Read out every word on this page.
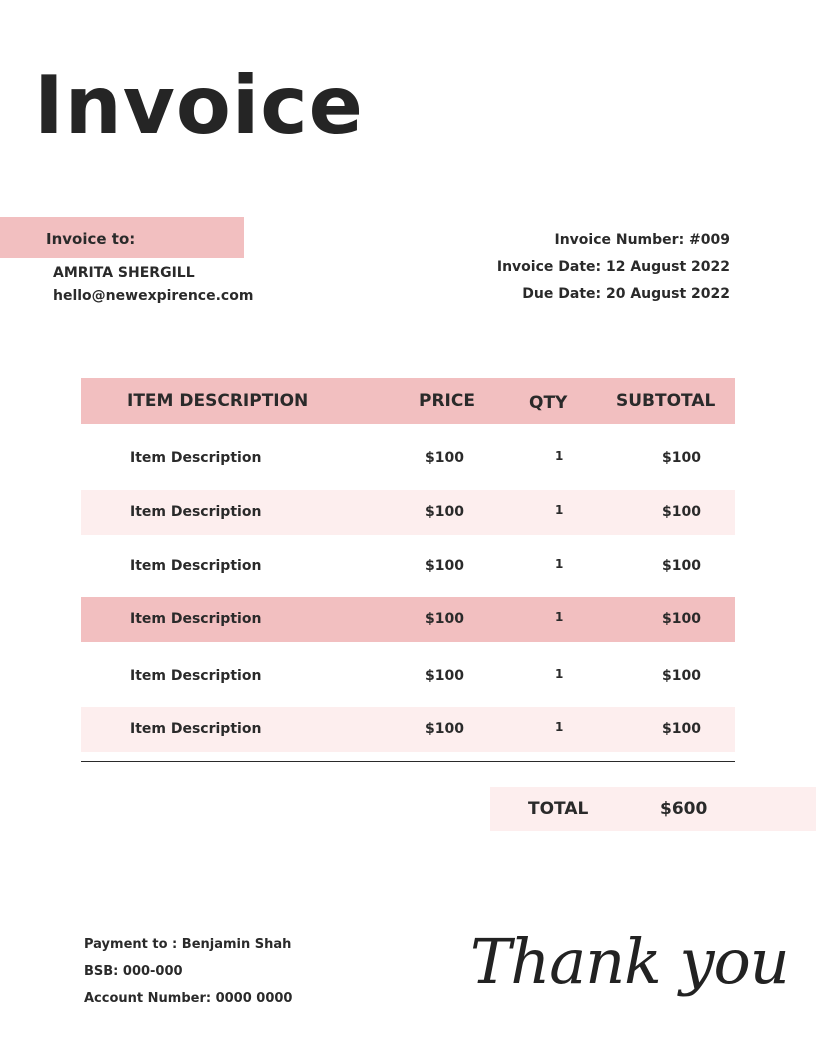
Invoice
Invoice to:
AMRITA SHERGILL
hello@newexpirence.com
Invoice Number: #009
Invoice Date: 12 August 2022
Due Date: 20 August 2022
ITEM DESCRIPTION	PRICE	QTY	SUBTOTAL
Item Description	$100	1	$100
Item Description	$100	1	$100
Item Description	$100	1	$100
Item Description	$100	1	$100
Item Description	$100	1	$100
Item Description	$100	1	$100
TOTAL	$600
Payment to : Benjamin Shah
BSB: 000-000
Account Number: 0000 0000
Thank you
